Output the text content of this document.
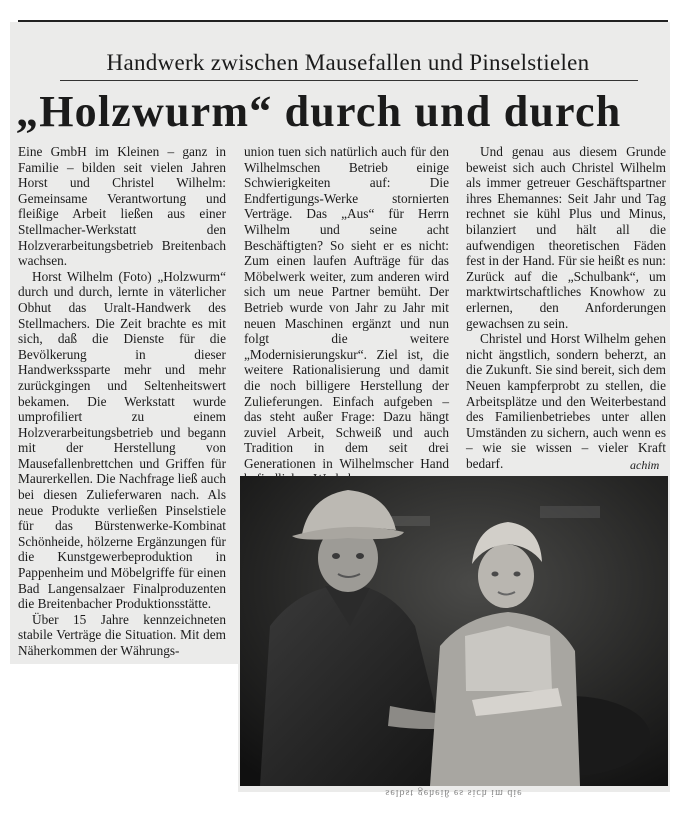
Handwerk zwischen Mausefallen und Pinselstielen
„Holzwurm“ durch und durch

Eine GmbH im Kleinen – ganz in Familie – bilden seit vielen Jahren Horst und Christel Wilhelm: Gemeinsame Verantwortung und fleißige Arbeit ließen aus einer Stellmacher-Werkstatt den Holzverarbeitungsbetrieb Breitenbach wachsen.

Horst Wilhelm (Foto) „Holzwurm“ durch und durch, lernte in väterlicher Obhut das Uralt-Handwerk des Stellmachers. Die Zeit brachte es mit sich, daß die Dienste für die Bevölkerung in dieser Handwerkssparte mehr und mehr zurückgingen und Seltenheitswert bekamen. Die Werkstatt wurde umprofiliert zu einem Holzverarbeitungsbetrieb und begann mit der Herstellung von Mausefallenbrettchen und Griffen für Maurerkellen. Die Nachfrage ließ auch bei diesen Zulieferwaren nach. Als neue Produkte verließen Pinselstiele für das Bürstenwerke-Kombinat Schönheide, hölzerne Ergänzungen für die Kunstgewerbeproduktion in Pappenheim und Möbelgriffe für einen Bad Langensalzaer Finalproduzenten die Breitenbacher Produktionsstätte.

Über 15 Jahre kennzeichneten stabile Verträge die Situation. Mit dem Näherkommen der Währungs-

union tuen sich natürlich auch für den Wilhelmschen Betrieb einige Schwierigkeiten auf: Die Endfertigungs-Werke stornierten Verträge. Das „Aus“ für Herrn Wilhelm und seine acht Beschäftigten? So sieht er es nicht: Zum einen laufen Aufträge für das Möbelwerk weiter, zum anderen wird sich um neue Partner bemüht. Der Betrieb wurde von Jahr zu Jahr mit neuen Maschinen ergänzt und nun folgt die weitere „Modernisierungskur“. Ziel ist, die weitere Rationalisierung und damit die noch billigere Herstellung der Zulieferungen. Einfach aufgeben – das steht außer Frage: Dazu hängt zuviel Arbeit, Schweiß und auch Tradition in dem seit drei Generationen in Wilhelmscher Hand

Und genau aus diesem Grunde beweist sich auch Christel Wilhelm als immer getreuer Geschäftspartner ihres Ehemannes: Seit Jahr und Tag rechnet sie kühl Plus und Minus, bilanziert und hält all die aufwendigen theoretischen Fäden fest in der Hand. Für sie heißt es nun: Zurück auf die „Schulbank“, um marktwirtschaftliches Knowhow zu erlernen, den Anforderungen gewachsen zu sein.

Christel und Horst Wilhelm gehen nicht ängstlich, sondern beherzt, an die Zukunft. Sie sind bereit, sich dem Neuen kampferprobt zu stellen, die Arbeitsplätze und den Weiterbestand des Familienbetriebes unter allen Umständen zu sichern, auch wenn es – wie sie wissen – vieler Kraft bedarf.	achim
selbst geheiß es sich im die
